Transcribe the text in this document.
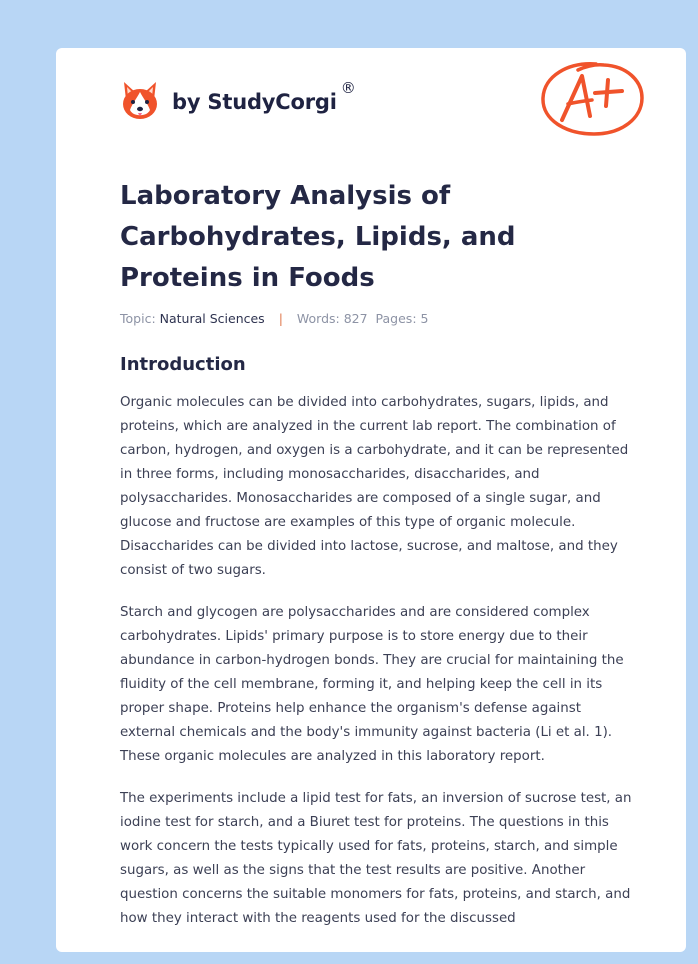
by StudyCorgi
®
Laboratory Analysis of Carbohydrates, Lipids, and Proteins in Foods
Topic: Natural Sciences | Words: 827 Pages: 5
Introduction

Organic molecules can be divided into carbohydrates, sugars, lipids, and proteins, which are analyzed in the current lab report. The combination of carbon, hydrogen, and oxygen is a carbohydrate, and it can be represented in three forms, including monosaccharides, disaccharides, and polysaccharides. Monosaccharides are composed of a single sugar, and glucose and fructose are examples of this type of organic molecule. Disaccharides can be divided into lactose, sucrose, and maltose, and they consist of two sugars.

Starch and glycogen are polysaccharides and are considered complex carbohydrates. Lipids' primary purpose is to store energy due to their abundance in carbon-hydrogen bonds. They are crucial for maintaining the fluidity of the cell membrane, forming it, and helping keep the cell in its proper shape. Proteins help enhance the organism's defense against external chemicals and the body's immunity against bacteria (Li et al. 1). These organic molecules are analyzed in this laboratory report.

The experiments include a lipid test for fats, an inversion of sucrose test, an iodine test for starch, and a Biuret test for proteins. The questions in this work concern the tests typically used for fats, proteins, starch, and simple sugars, as well as the signs that the test results are positive. Another question concerns the suitable monomers for fats, proteins, and starch, and how they interact with the reagents used for the discussed
